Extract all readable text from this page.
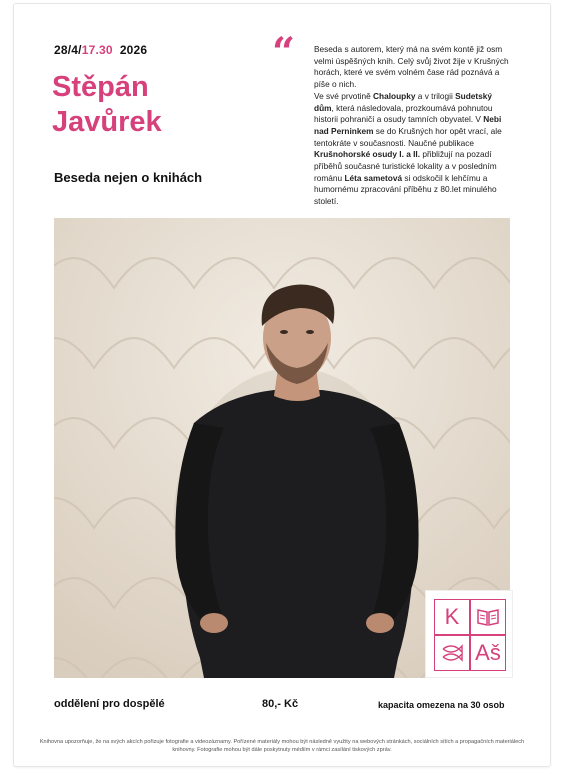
28/4/17.30 2026
Stěpán
Javůrek
Beseda nejen o knihách
“	Beseda s autorem, který má na svém kontě již osm velmi úspěšných knih. Celý svůj život žije v Krušných horách, které ve svém volném čase rád poznává a píše o nich.

Ve své prvotině Chaloupky a v trilogii Sudetský dům, která následovala, prozkoumává pohnutou historii pohraničí a osudy tamních obyvatel. V Nebi nad Perninkem se do Krušných hor opět vrací, ale tentokráte v současnosti. Naučné publikace Krušnohorské osudy I. a II. přibližují na pozadí příběhů současné turistické lokality a v posledním románu Léta sametová si odskočil k lehčímu a humornému zpracování příběhu z 80.let minulého století.

K
Aš
oddělení pro dospělé	80,- Kč	kapacita omezena na 30 osob
Knihovna upozorňuje, že na svých akcích pořizuje fotografie a videozáznamy. Pořízené materiály mohou být následně využity na webových stránkách, sociálních sítích a propagačních materiálech knihovny. Fotografie mohou být dále poskytnuty médiím v rámci zasílání tiskových zpráv.
